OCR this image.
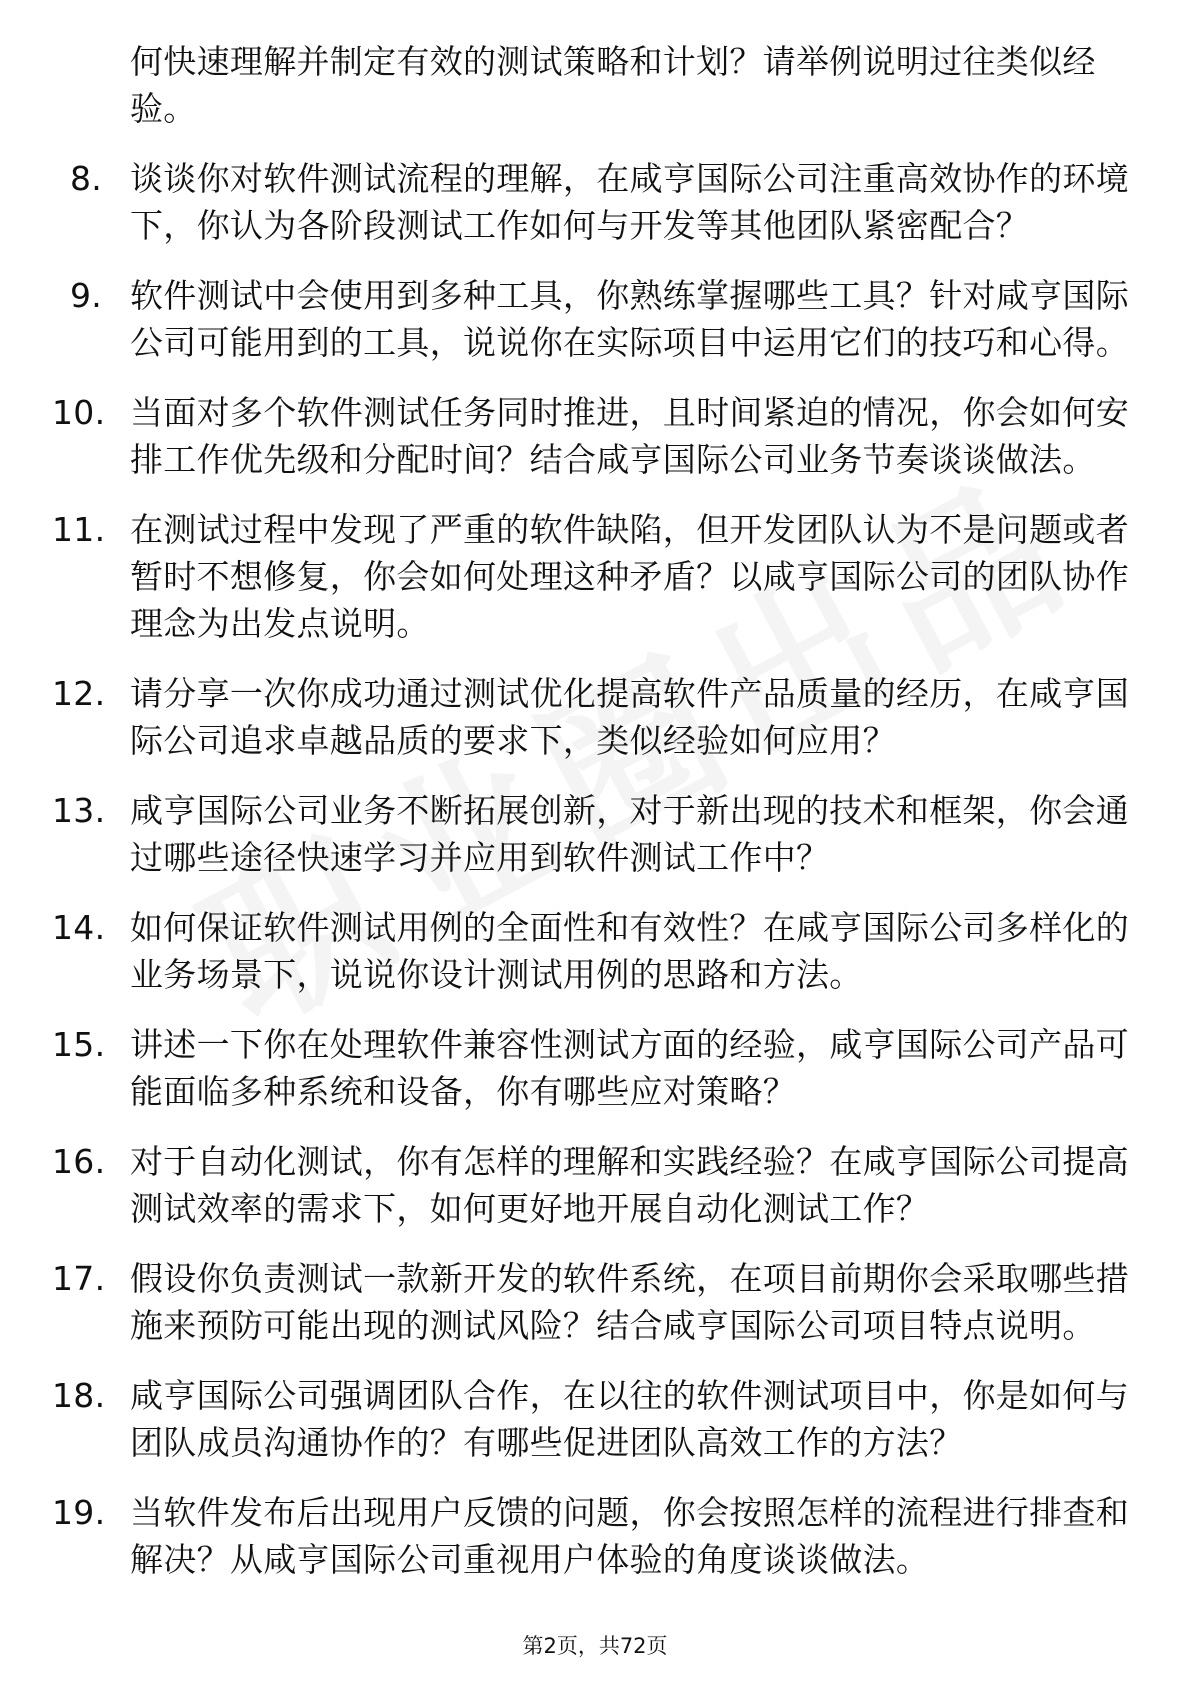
何快速理解并制定有效的测试策略和计划？请举例说明过往类似经验。
8. 谈谈你对软件测试流程的理解，在咸亨国际公司注重高效协作的环境下，你认为各阶段测试工作如何与开发等其他团队紧密配合？
9. 软件测试中会使用到多种工具，你熟练掌握哪些工具？针对咸亨国际公司可能用到的工具，说说你在实际项目中运用它们的技巧和心得。
10. 当面对多个软件测试任务同时推进，且时间紧迫的情况，你会如何安排工作优先级和分配时间？结合咸亨国际公司业务节奏谈谈做法。
11. 在测试过程中发现了严重的软件缺陷，但开发团队认为不是问题或者暂时不想修复，你会如何处理这种矛盾？以咸亨国际公司的团队协作理念为出发点说明。
12. 请分享一次你成功通过测试优化提高软件产品质量的经历，在咸亨国际公司追求卓越品质的要求下，类似经验如何应用？
13. 咸亨国际公司业务不断拓展创新，对于新出现的技术和框架，你会通过哪些途径快速学习并应用到软件测试工作中？
14. 如何保证软件测试用例的全面性和有效性？在咸亨国际公司多样化的业务场景下，说说你设计测试用例的思路和方法。
15. 讲述一下你在处理软件兼容性测试方面的经验，咸亨国际公司产品可能面临多种系统和设备，你有哪些应对策略？
16. 对于自动化测试，你有怎样的理解和实践经验？在咸亨国际公司提高测试效率的需求下，如何更好地开展自动化测试工作？
17. 假设你负责测试一款新开发的软件系统，在项目前期你会采取哪些措施来预防可能出现的测试风险？结合咸亨国际公司项目特点说明。
18. 咸亨国际公司强调团队合作，在以往的软件测试项目中，你是如何与团队成员沟通协作的？有哪些促进团队高效工作的方法？
19. 当软件发布后出现用户反馈的问题，你会按照怎样的流程进行排查和解决？从咸亨国际公司重视用户体验的角度谈谈做法。
第2页，共72页
